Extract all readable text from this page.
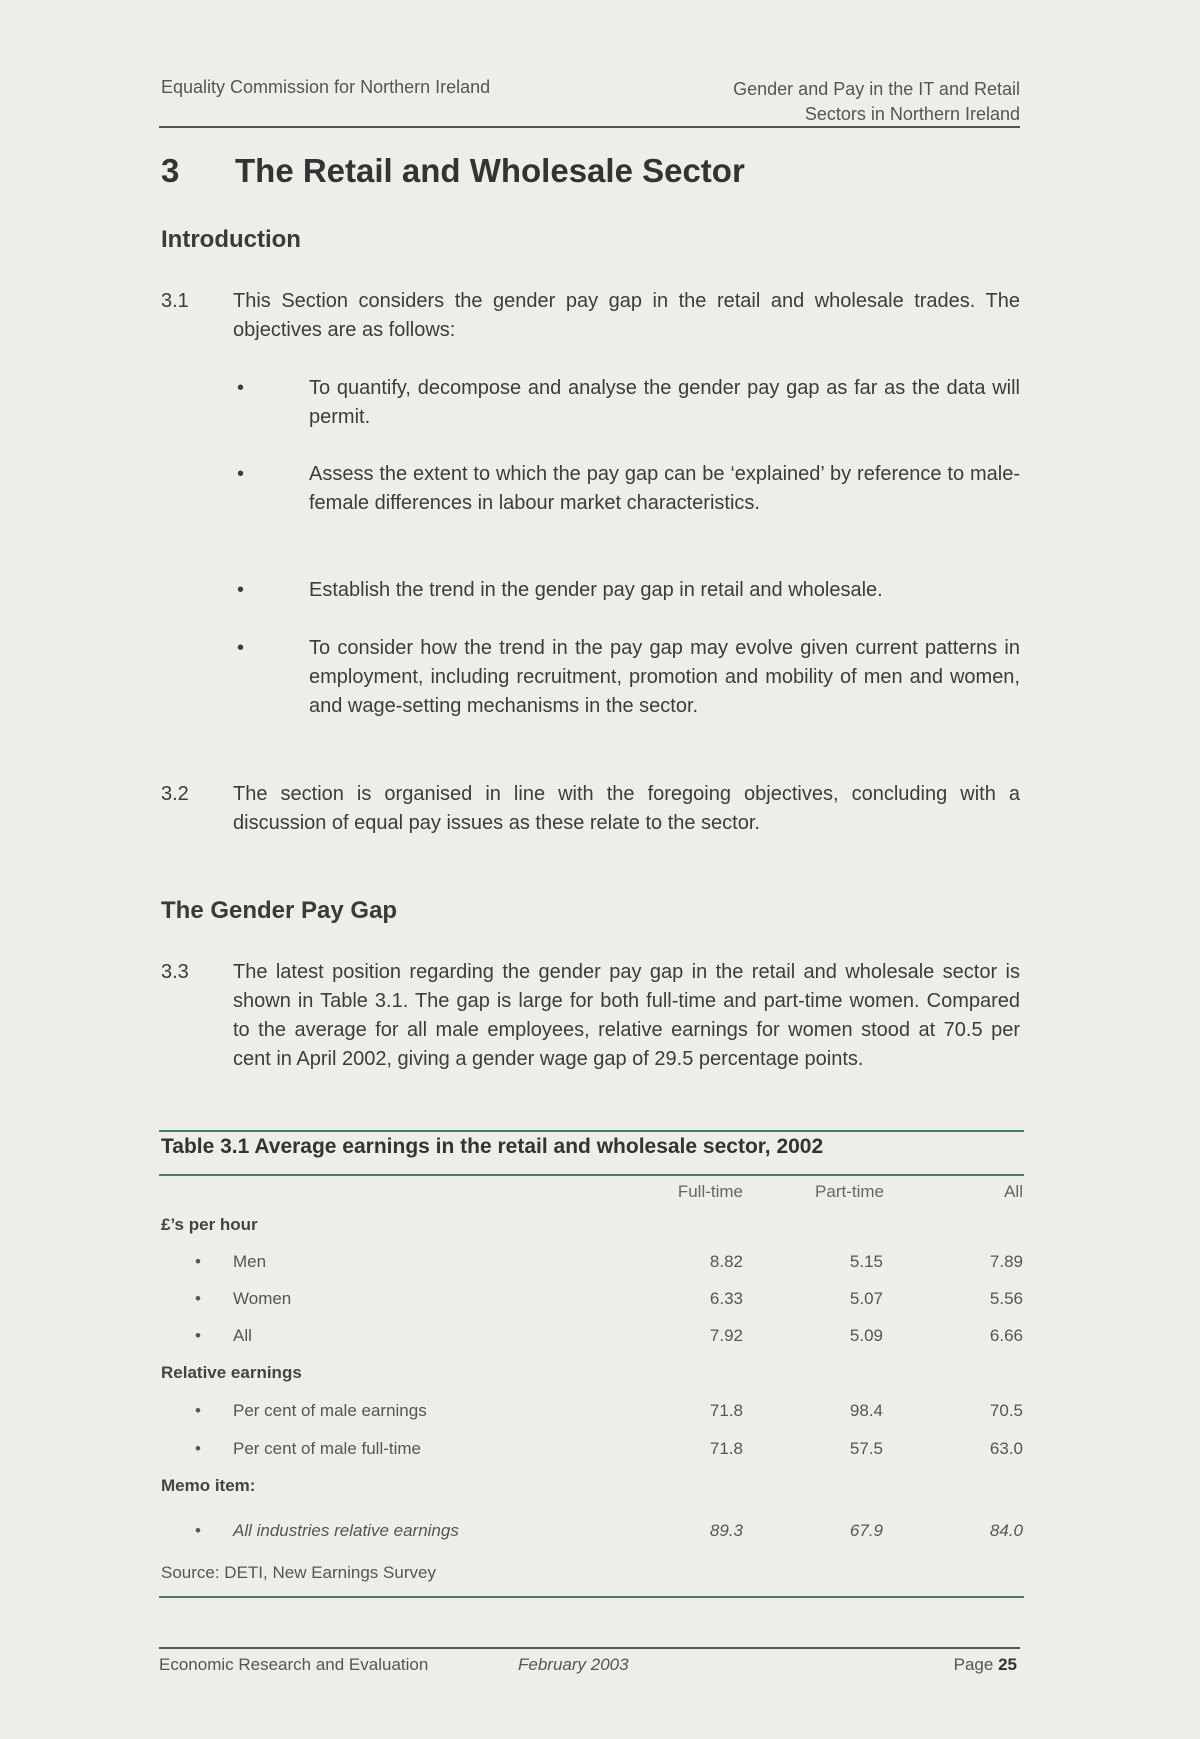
Equality Commission for Northern Ireland	Gender and Pay in the IT and Retail
Sectors in Northern Ireland
3 The Retail and Wholesale Sector
Introduction
3.1 This Section considers the gender pay gap in the retail and wholesale trades. The objectives are as follows:
•	To quantify, decompose and analyse the gender pay gap as far as the data will permit.
•	Assess the extent to which the pay gap can be ‘explained’ by reference to male-female differences in labour market characteristics.
•	Establish the trend in the gender pay gap in retail and wholesale.
•	To consider how the trend in the pay gap may evolve given current patterns in employment, including recruitment, promotion and mobility of men and women, and wage-setting mechanisms in the sector.
3.2 The section is organised in line with the foregoing objectives, concluding with a discussion of equal pay issues as these relate to the sector.
The Gender Pay Gap
3.3 The latest position regarding the gender pay gap in the retail and wholesale sector is shown in Table 3.1. The gap is large for both full-time and part-time women. Compared to the average for all male employees, relative earnings for women stood at 70.5 per cent in April 2002, giving a gender wage gap of 29.5 percentage points.
Table 3.1 Average earnings in the retail and wholesale sector, 2002
Full-time	Part-time	All
£’s per hour
• Men	8.82	5.15	7.89
• Women	6.33	5.07	5.56
• All	7.92	5.09	6.66
Relative earnings
• Per cent of male earnings	71.8	98.4	70.5
• Per cent of male full-time	71.8	57.5	63.0
Memo item:
• All industries relative earnings	89.3	67.9	84.0
Source: DETI, New Earnings Survey
Economic Research and Evaluation	February 2003	Page 25
